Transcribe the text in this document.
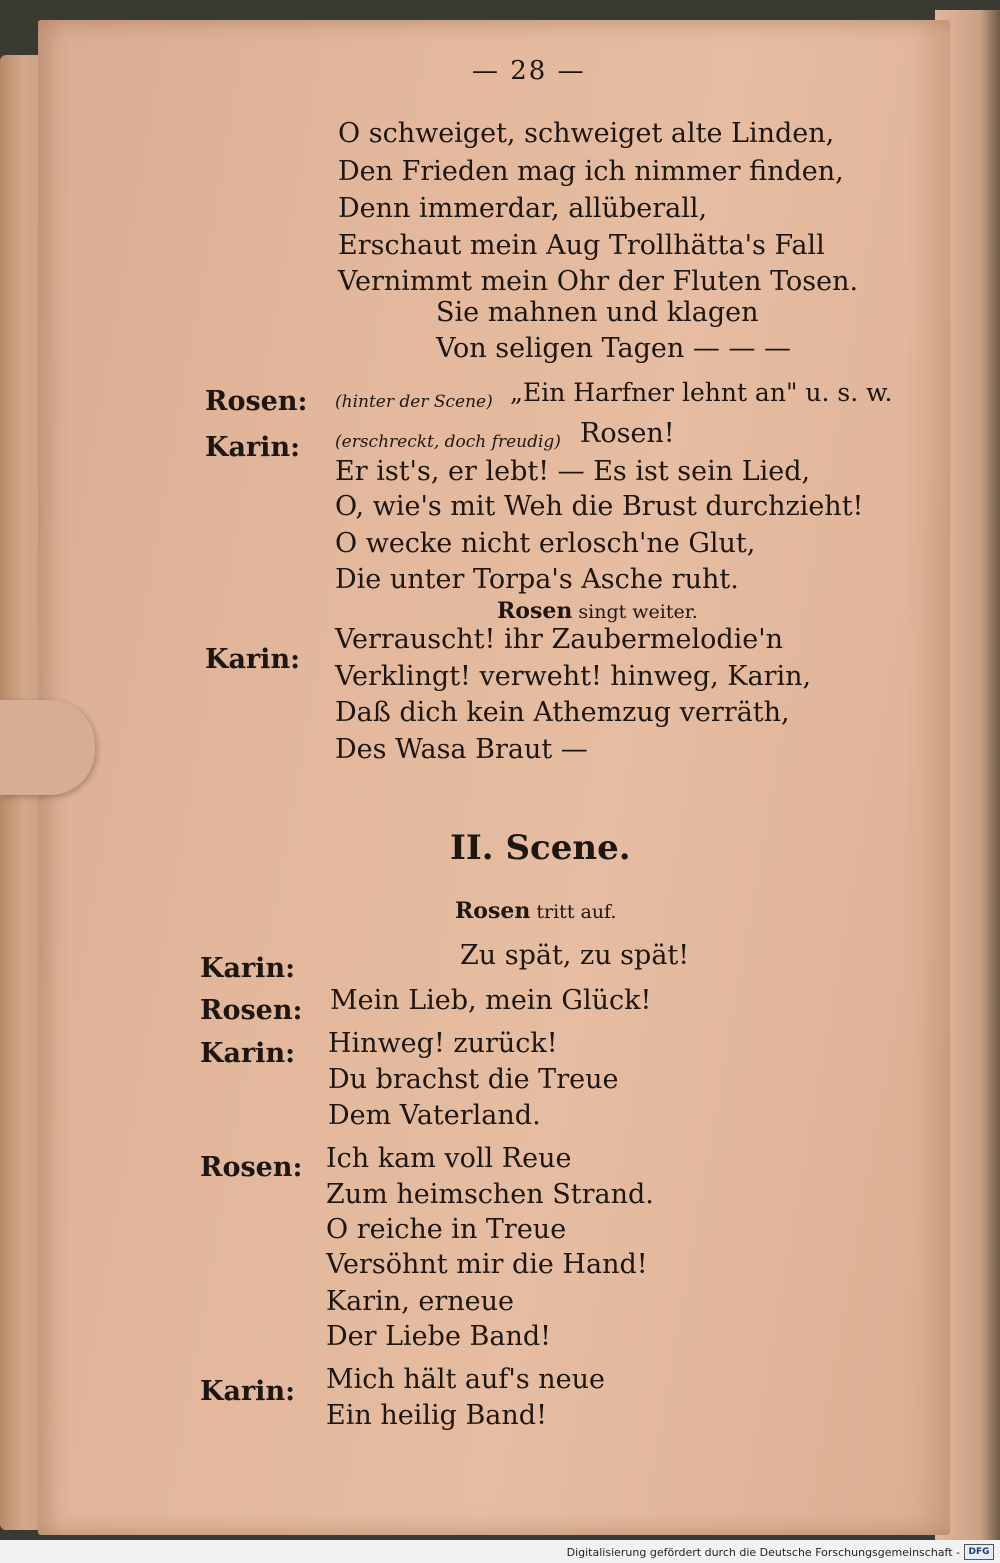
— 28 —
O schweiget, schweiget alte Linden,
Den Frieden mag ich nimmer finden,
Denn immerdar, allüberall,
Erschaut mein Aug Trollhätta's Fall
Vernimmt mein Ohr der Fluten Tosen.
Sie mahnen und klagen
Von seligen Tagen — — —
Rosen: (hinter der Scene) „Ein Harfner lehnt an" u. s. w.
Karin: (erschreckt, doch freudig) Rosen!
Er ist's, er lebt! — Es ist sein Lied,
O, wie's mit Weh die Brust durchzieht!
O wecke nicht erlosch'ne Glut,
Die unter Torpa's Asche ruht.
Rosen singt weiter.
Karin:
Verrauscht! ihr Zaubermelodie'n
Verklingt! verweht! hinweg, Karin,
Daß dich kein Athemzug verräth,
Des Wasa Braut —
II. Scene.
Rosen tritt auf.
Karin:	Zu spät, zu spät!
Rosen: Mein Lieb, mein Glück!
Karin: Hinweg! zurück!
Du brachst die Treue
Dem Vaterland.
Rosen: Ich kam voll Reue
Zum heimschen Strand.
O reiche in Treue
Versöhnt mir die Hand!
Karin, erneue
Der Liebe Band!
Karin: Mich hält auf's neue
Ein heilig Band!
Digitalisierung gefördert durch die Deutsche Forschungsgemeinschaft - DFG
